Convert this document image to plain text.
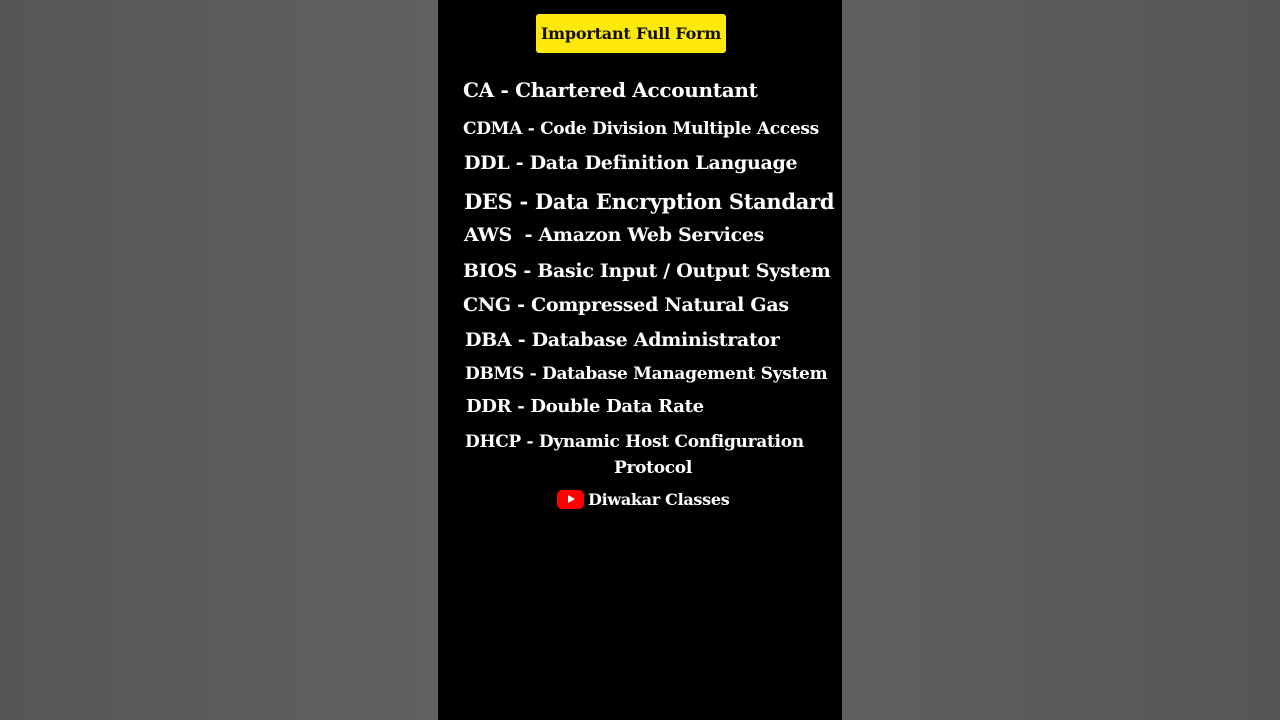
Important Full Form
CA - Chartered Accountant
CDMA - Code Division Multiple Access
DDL - Data Definition Language
DES - Data Encryption Standard
AWS  - Amazon Web Services
BIOS - Basic Input / Output System
CNG - Compressed Natural Gas
DBA - Database Administrator
DBMS - Database Management System
DDR - Double Data Rate
DHCP - Dynamic Host Configuration
Protocol
Diwakar Classes
